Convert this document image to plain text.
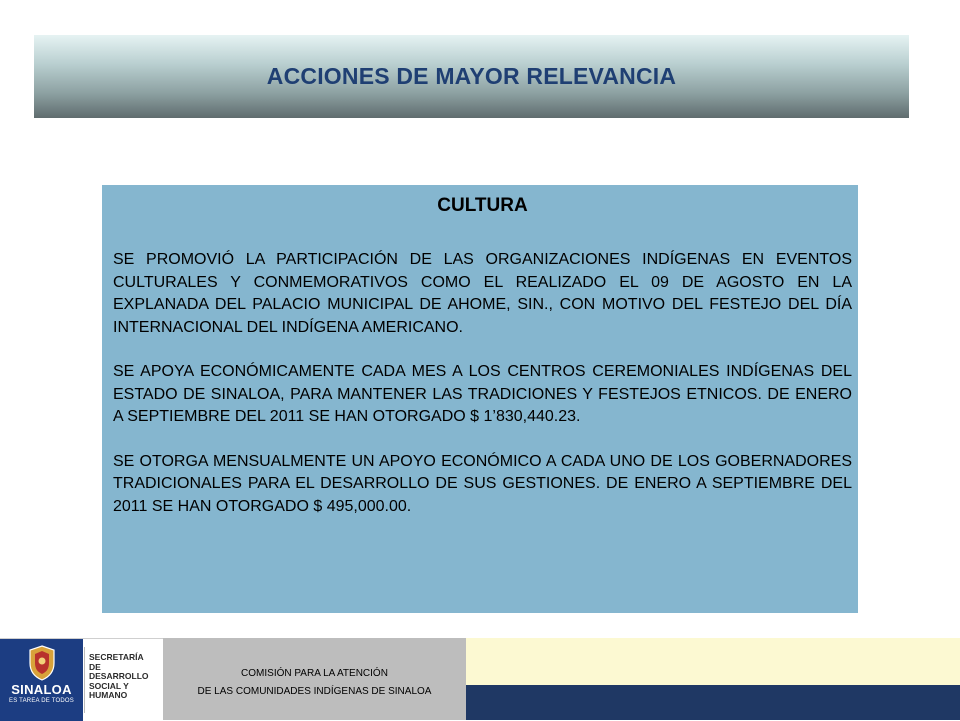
ACCIONES DE MAYOR RELEVANCIA
CULTURA

SE PROMOVIÓ LA PARTICIPACIÓN DE LAS ORGANIZACIONES INDÍGENAS EN EVENTOS CULTURALES Y CONMEMORATIVOS COMO EL REALIZADO EL 09 DE AGOSTO EN LA EXPLANADA DEL PALACIO MUNICIPAL DE AHOME, SIN., CON MOTIVO DEL FESTEJO DEL DÍA INTERNACIONAL DEL INDÍGENA AMERICANO.

SE APOYA ECONÓMICAMENTE CADA MES A LOS CENTROS CEREMONIALES INDÍGENAS DEL ESTADO DE SINALOA, PARA MANTENER LAS TRADICIONES Y FESTEJOS ETNICOS. DE ENERO A SEPTIEMBRE DEL 2011 SE HAN OTORGADO $ 1’830,440.23.

SE OTORGA MENSUALMENTE UN APOYO ECONÓMICO A CADA UNO DE LOS GOBERNADORES TRADICIONALES PARA EL DESARROLLO DE SUS GESTIONES. DE ENERO A SEPTIEMBRE DEL 2011 SE HAN OTORGADO $ 495,000.00.

SINALOA
ES TAREA DE TODOS
SECRETARÍA
DE DESARROLLO
SOCIAL Y
HUMANO
COMISIÓN PARA LA ATENCIÓN
DE LAS COMUNIDADES INDÍGENAS DE SINALOA
